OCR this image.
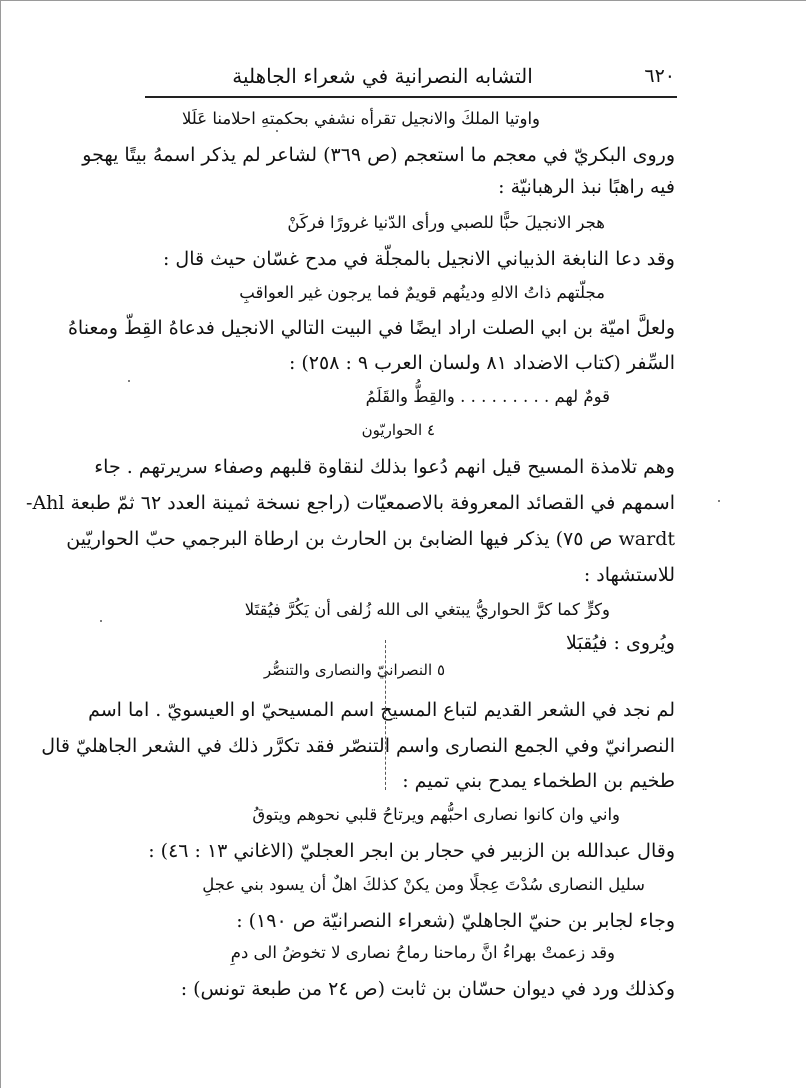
٦٢٠
التشابه النصرانية في شعراء الجاهلية
واوتيا الملكَ والانجيل تقرأه نشفي بحكمتهِ احلامنا عَلَلا
وروى البكريّ في معجم ما استعجم (ص ٣٦٩) لشاعر لم يذكر اسمهُ بيتًا يهجو
فيه راهبًا نبذ الرهبانيّة :
هجر الانجيلَ حبًّا للصبي ورأى الدّنيا غرورًا فركَنْ
وقد دعا النابغة الذبياني الانجيل بالمجلّة في مدح غسّان حيث قال :
مجلّتهم ذاتُ الالهِ ودينُهم قويمٌ فما يرجون غير العواقبِ
ولعلَّ اميّة بن ابي الصلت اراد ايضًا في البيت التالي الانجيل فدعاهُ القِطّ ومعناهُ
السِّفر (كتاب الاضداد ٨١ ولسان العرب ٩ : ٢٥٨) :
قومٌ لهم . . . . . . . . . والقِطُّ والقَلَمُ
٤ الحواريّون
وهم تلامذة المسيح قيل انهم دُعوا بذلك لنقاوة قلبهم وصفاء سريرتهم . جاء
اسمهم في القصائد المعروفة بالاصمعيّات (راجع نسخة ثمينة العدد ٦٢ ثمّ طبعة Ahl-
wardt ص ٧٥) يذكر فيها الضابئ بن الحارث بن ارطاة البرجمي حبّ الحواريّين
للاستشهاد :
وكرٍّ كما كرَّ الحواريُّ يبتغي الى الله زُلفى أن يَكُرَّ فيُقتَلا
ويُروى : فيُقبَلا
٥ النصرانيّ والنصارى والتنصُّر
لم نجد في الشعر القديم لتباع المسيح اسم المسيحيّ او العيسويّ . اما اسم
النصرانيّ وفي الجمع النصارى واسم التنصّر فقد تكرَّر ذلك في الشعر الجاهليّ قال
طخيم بن الطخماء يمدح بني تميم :
واني وان كانوا نصارى احبُّهم ويرتاحُ قلبي نحوهم ويتوقُ
وقال عبدالله بن الزبير في حجار بن ابجر العجليّ (الاغاني ١٣ : ٤٦) :
سليل النصارى سُدْتَ عِجلًا ومن يكنْ كذلكَ اهلٌ أن يسود بني عجلِ
وجاء لجابر بن حنيّ الجاهليّ (شعراء النصرانيّة ص ١٩٠) :
وقد زعمتْ بهراءُ انَّ رماحنا رماحُ نصارى لا تخوضُ الى دمِ
وكذلك ورد في ديوان حسّان بن ثابت (ص ٢٤ من طبعة تونس) :
